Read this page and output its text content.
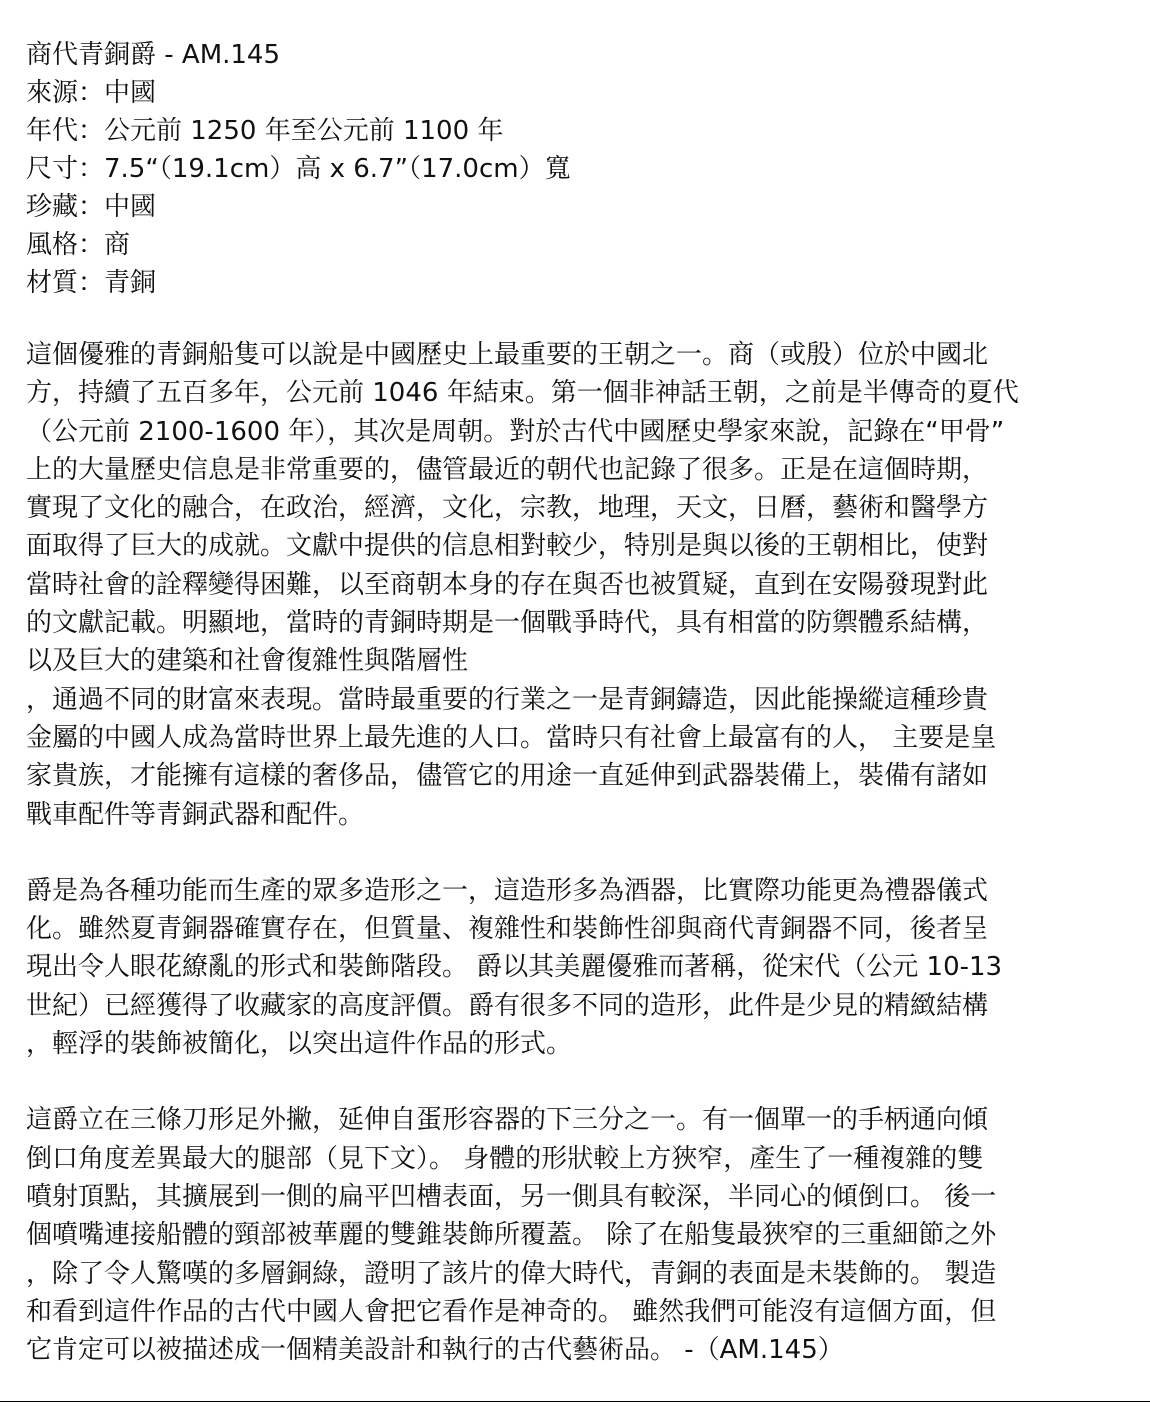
商代青銅爵 - AM.145

來源：中國

年代：公元前 1250 年至公元前 1100 年

尺寸：7.5“（19.1cm）高 x 6.7”（17.0cm）寬

珍藏：中國

風格：商

材質：青銅

這個優雅的青銅船隻可以說是中國歷史上最重要的王朝之一。商（或殷）位於中國北

方，持續了五百多年，公元前 1046 年結束。第一個非神話王朝，之前是半傳奇的夏代

（公元前 2100-1600 年），其次是周朝。對於古代中國歷史學家來說，記錄在“甲骨”

上的大量歷史信息是非常重要的，儘管最近的朝代也記錄了很多。正是在這個時期，

實現了文化的融合，在政治，經濟，文化，宗教，地理，天文，日曆，藝術和醫學方

面取得了巨大的成就。文獻中提供的信息相對較少，特別是與以後的王朝相比，使對

當時社會的詮釋變得困難，以至商朝本身的存在與否也被質疑，直到在安陽發現對此

的文獻記載。明顯地，當時的青銅時期是一個戰爭時代，具有相當的防禦體系結構，

以及巨大的建築和社會復雜性與階層性

，通過不同的財富來表現。當時最重要的行業之一是青銅鑄造，因此能操縱這種珍貴

金屬的中國人成為當時世界上最先進的人口。當時只有社會上最富有的人， 主要是皇

家貴族，才能擁有這樣的奢侈品，儘管它的用途一直延伸到武器裝備上，裝備有諸如

戰車配件等青銅武器和配件。

爵是為各種功能而生產的眾多造形之一，這造形多為酒器，比實際功能更為禮器儀式

化。雖然夏青銅器確實存在，但質量、複雜性和裝飾性卻與商代青銅器不同，後者呈

現出令人眼花繚亂的形式和裝飾階段。 爵以其美麗優雅而著稱，從宋代（公元 10-13

世紀）已經獲得了收藏家的高度評價。爵有很多不同的造形，此件是少見的精緻結構

，輕浮的裝飾被簡化，以突出這件作品的形式。

這爵立在三條刀形足外撇，延伸自蛋形容器的下三分之一。有一個單一的手柄通向傾

倒口角度差異最大的腿部（見下文）。 身體的形狀較上方狹窄，產生了一種複雜的雙

噴射頂點，其擴展到一側的扁平凹槽表面，另一側具有較深，半同心的傾倒口。 後一

個噴嘴連接船體的頸部被華麗的雙錐裝飾所覆蓋。 除了在船隻最狹窄的三重細節之外

，除了令人驚嘆的多層銅綠，證明了該片的偉大時代，青銅的表面是未裝飾的。 製造

和看到這件作品的古代中國人會把它看作是神奇的。 雖然我們可能沒有這個方面，但

它肯定可以被描述成一個精美設計和執行的古代藝術品。 -（AM.145）
